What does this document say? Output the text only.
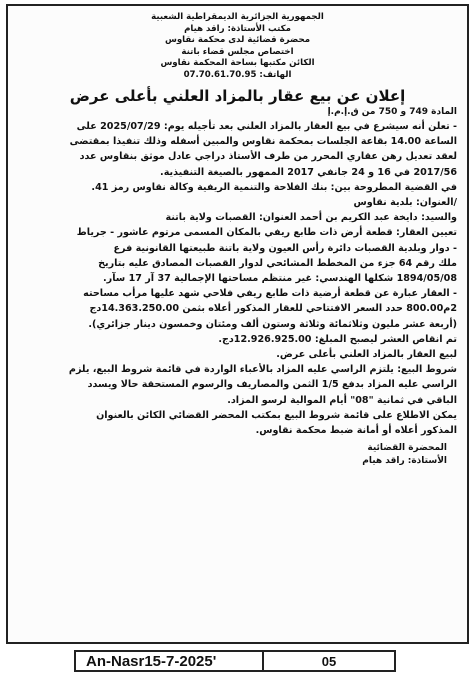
الجمهورية الجزائرية الديمقراطية الشعبية
مكتب الأستاذة: راقد هيام
محضرة قضائية لدى محكمة نقاوس
اختصاص مجلس قضاء باتنة
الكائن مكتبها بساحة المحكمة نقاوس
الهاتف: 07.70.61.70.95
إعلان عن بيع عقار بالمزاد العلني بأعلى عرض
المادة 749 و 750 من ق.إ.م.إ

- تعلن أنه سيشرع في بيع العقار بالمزاد العلني بعد تأجيله يوم: 2025/07/29 على

الساعة 14.00 بقاعة الجلسات بمحكمة نقاوس والمبين أسفله وذلك تنفيذا بمقتضى

لعقد تعديل رهن عقاري المحرر من طرف الأستاذ دراجي عادل موثق بنقاوس عدد

2017/56 في 16 و 24 جانفي 2017 الممهور بالصيغة التنفيذية.

في القضية المطروحة بين: بنك الفلاحة والتنمية الريفية وكالة نقاوس رمز 41.

/العنوان: بلدية نقاوس

والسيد: دايخة عبد الكريم بن أحمد العنوان: القصبات ولاية باتنة

تعيين العقار: قطعة أرض ذات طابع ريفي بالمكان المسمى مرتوم عاشور - جرياط

- دوار وبلدية القصبات دائرة رأس العيون ولاية باتنة طبيعتها القانونية فرع

ملك رقم 64 جزء من المخطط المشائحي لدوار القصبات المصادق عليه بتاريخ

1894/05/08 شكلها الهندسي: غير منتظم مساحتها الإجمالية 37 آر 17 سآر.

- العقار عبارة عن قطعة أرضية ذات طابع ريفي فلاحي شهد عليها مرأب مساحته

2م800.00 حدد السعر الافتتاحي للعقار المذكور أعلاه بثمن 14.363.250.00دج

(أربعة عشر مليون وثلاثمائة وثلاثة وستون ألف ومئتان وخمسون دينار جزائري).

تم انقاص العشر ليصبح المبلغ: 12.926.925.00دج.

لبيع العقار بالمزاد العلني بأعلى عرض.

شروط البيع: يلتزم الراسي عليه المزاد بالأعباء الواردة في قائمة شروط البيع، يلزم

الراسي عليه المزاد بدفع 1/5 الثمن والمصاريف والرسوم المستحقة حالا ويسدد

الباقي في ثمانية "08" أيام الموالية لرسو المزاد.

يمكن الاطلاع على قائمة شروط البيع بمكتب المحضر القضائي الكائن بالعنوان

المذكور أعلاه أو أمانة ضبط محكمة نقاوس.

المحضرة القضائية
الأستاذة: راقد هيام
An-Nasr15-7-2025'	05
